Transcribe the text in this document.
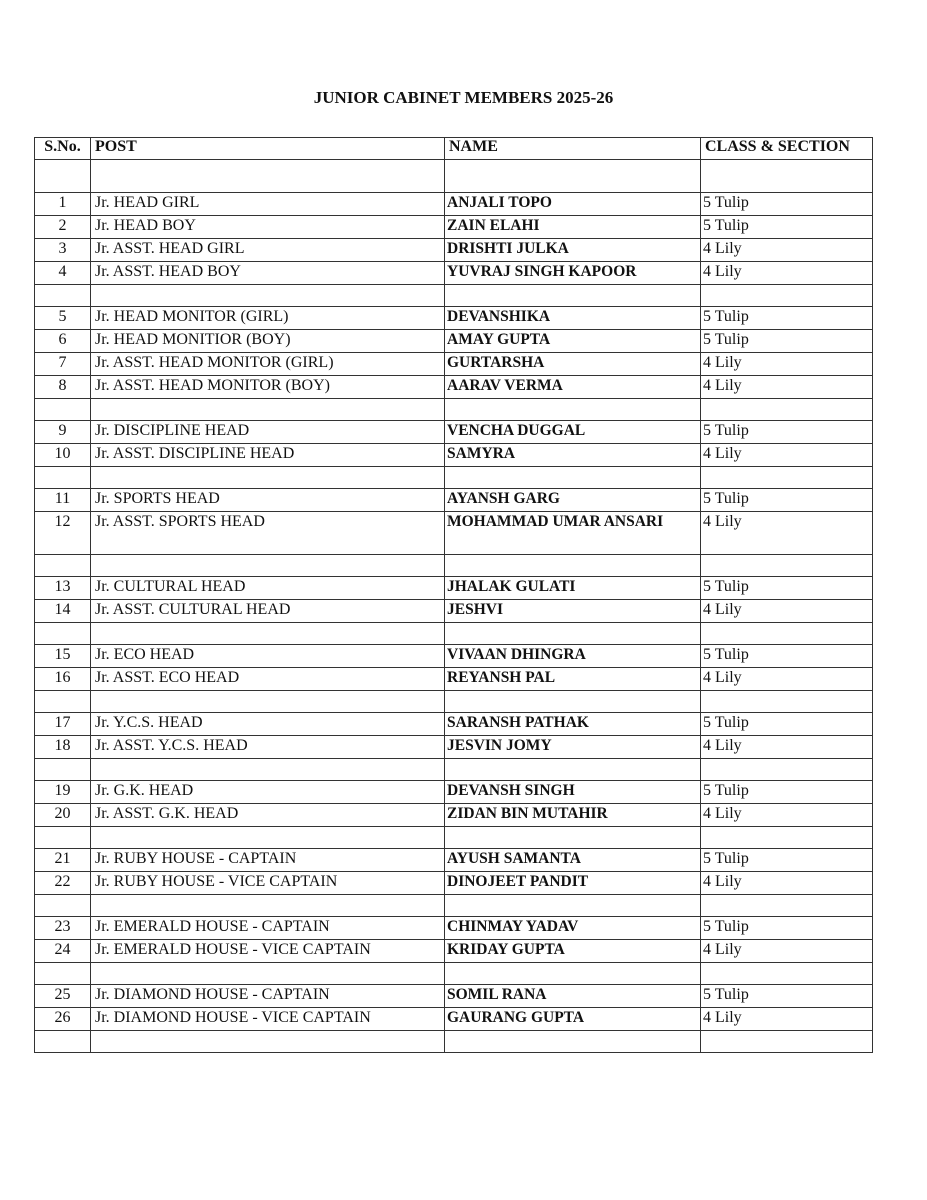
JUNIOR CABINET MEMBERS 2025-26
S.No.	POST	NAME	CLASS & SECTION

1	Jr. HEAD GIRL	ANJALI TOPO	5 Tulip
2	Jr. HEAD BOY	ZAIN ELAHI	5 Tulip
3	Jr. ASST. HEAD GIRL	DRISHTI JULKA	4 Lily
4	Jr. ASST. HEAD BOY	YUVRAJ SINGH KAPOOR	4 Lily

5	Jr. HEAD MONITOR (GIRL)	DEVANSHIKA	5 Tulip
6	Jr. HEAD MONITIOR (BOY)	AMAY GUPTA	5 Tulip
7	Jr. ASST. HEAD MONITOR (GIRL)	GURTARSHA	4 Lily
8	Jr. ASST. HEAD MONITOR (BOY)	AARAV VERMA	4 Lily

9	Jr. DISCIPLINE HEAD	VENCHA DUGGAL	5 Tulip
10	Jr. ASST. DISCIPLINE HEAD	SAMYRA	4 Lily

11	Jr. SPORTS HEAD	AYANSH GARG	5 Tulip
12	Jr. ASST. SPORTS HEAD	MOHAMMAD UMAR ANSARI	4 Lily

13	Jr. CULTURAL HEAD	JHALAK GULATI	5 Tulip
14	Jr. ASST. CULTURAL HEAD	JESHVI	4 Lily

15	Jr. ECO HEAD	VIVAAN DHINGRA	5 Tulip
16	Jr. ASST. ECO HEAD	REYANSH PAL	4 Lily

17	Jr. Y.C.S. HEAD	SARANSH PATHAK	5 Tulip
18	Jr. ASST. Y.C.S. HEAD	JESVIN JOMY	4 Lily

19	Jr. G.K. HEAD	DEVANSH SINGH	5 Tulip
20	Jr. ASST. G.K. HEAD	ZIDAN BIN MUTAHIR	4 Lily

21	Jr. RUBY HOUSE - CAPTAIN	AYUSH SAMANTA	5 Tulip
22	Jr. RUBY HOUSE - VICE CAPTAIN	DINOJEET PANDIT	4 Lily

23	Jr. EMERALD HOUSE - CAPTAIN	CHINMAY YADAV	5 Tulip
24	Jr. EMERALD HOUSE - VICE CAPTAIN	KRIDAY GUPTA	4 Lily

25	Jr. DIAMOND HOUSE - CAPTAIN	SOMIL RANA	5 Tulip
26	Jr. DIAMOND HOUSE - VICE CAPTAIN	GAURANG GUPTA	4 Lily
